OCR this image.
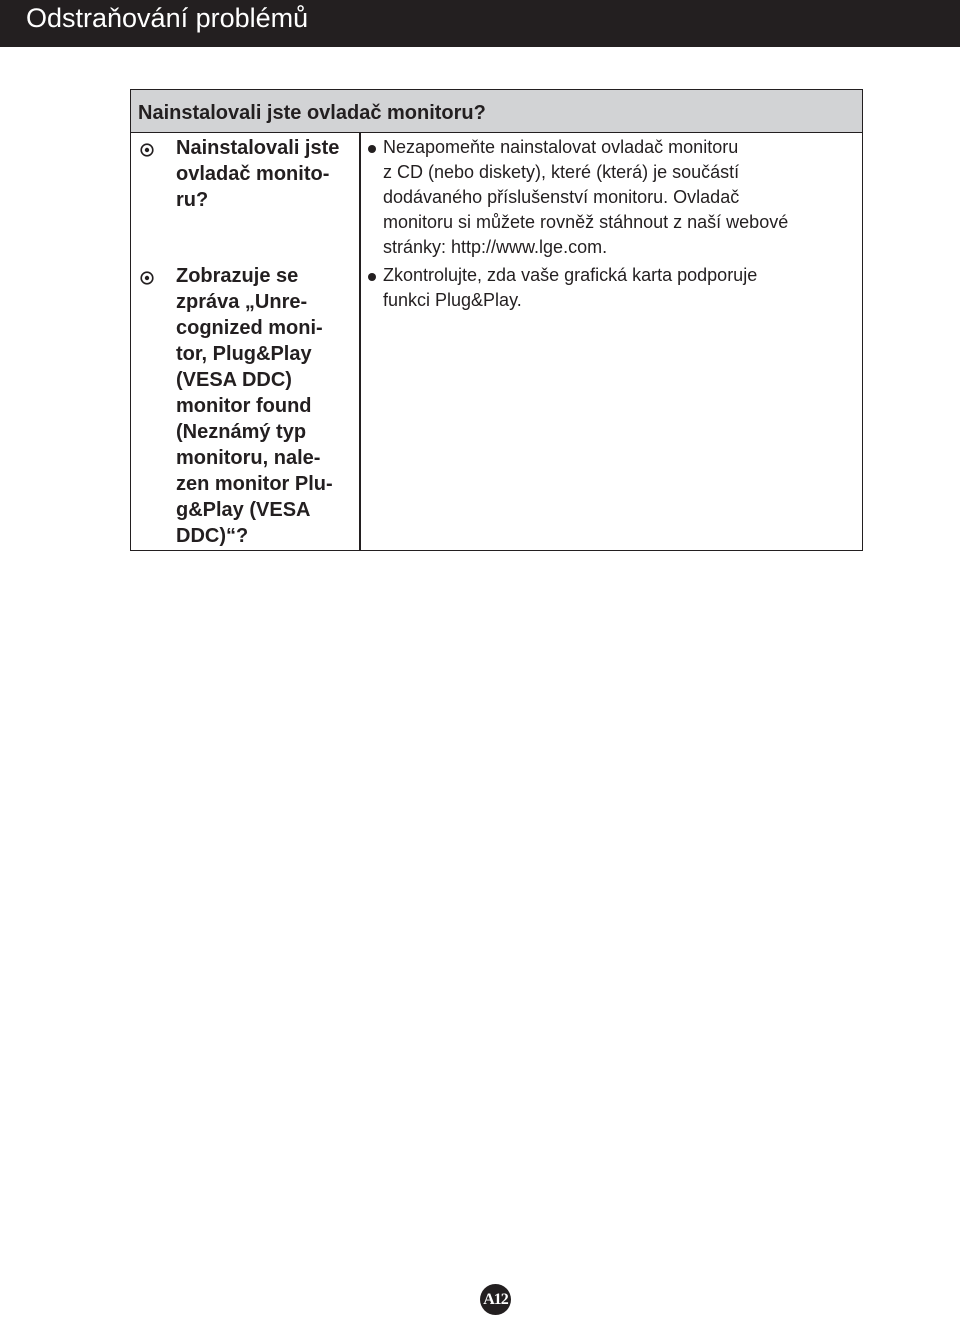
Odstraňování problémů
Nainstalovali jste ovladač monitoru?
Nainstalovali jste
ovladač monito-
ru?
Nezapomeňte nainstalovat ovladač monitoru
z CD (nebo diskety), které (která) je součástí
dodávaného příslušenství monitoru. Ovladač
monitoru si můžete rovněž stáhnout z naší webové
stránky: http://www.lge.com.
Zobrazuje se
zpráva „Unre-
cognized moni-
tor, Plug&Play
(VESA DDC)
monitor found
(Neznámý typ
monitoru, nale-
zen monitor Plu-
g&Play (VESA
DDC)“?
Zkontrolujte, zda vaše grafická karta podporuje
funkci Plug&Play.
A12
